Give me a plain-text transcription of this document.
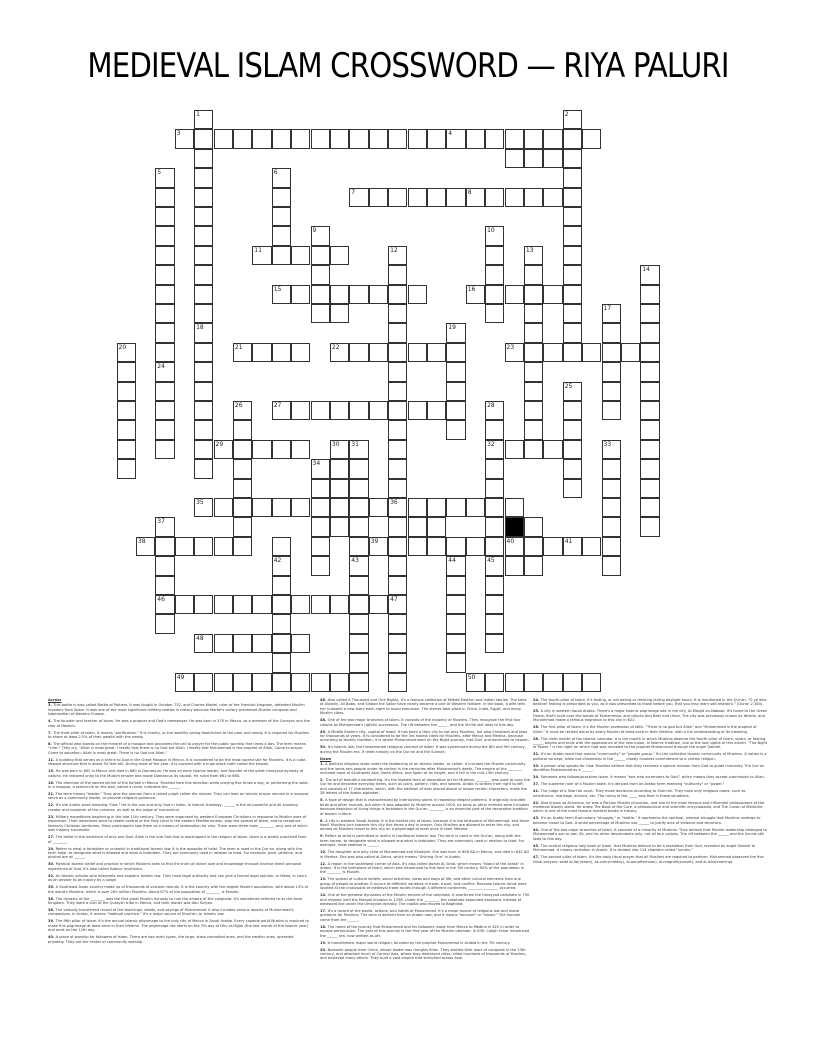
MEDIEVAL ISLAM CROSSWORD — RIYA PALURI
1
18
2
3	4
5	6
7	8
9	10
11	12
36
13
14
15	16
17
19
20	21	22	23
24
25
26	27	28
32
29	30 31	33
34
35
37
46
38	39	40	41
42	43	44	45
47
48
49	50
Across
3. This battle is also called Battle of Poitiers. It was fought in October 732, and Charles Martel, ruler of the Frankish kingdom, defeated Muslim invaders from Spain. It was one of the most significant military battles in history because Martel's victory prevented Muslim conquest and Islamization of Western Europe.
4. The founder and teacher of Islam. He was a prophet and God's messenger. He was born in 570 in Mecca, as a member of the Quraysh and the clan of Hashim.
7. The third pillar of Islam. It means "purification." It is charity, or the wealthy giving food/riches to the poor and needy. It is required for Muslims to share at least 2.5% of their wealth with the needy.
8. The official who stands on the minaret of a mosque and proclaims the call to prayer for the public worship five times a day. The term means "crier." They cry, "Allah is most great. I testify that there is no God but Allah. I testify that Muhammad is the prophet of Allah. Come to prayer. Come to salvation. Allah is most great. There is no God but Allah."
11. A building that serves as a shrine to God in the Great Mosque in Mecca. It is considered to be the most sacred site for Muslims. It is a cube-shaped structure that is about 50 feet tall. During most of the year, it is covered with a huge black cloth called the kiswah.
15. He was born in 602 in Mecca and died in 680 in Damascus. He was an early Islamic leader, and founder of the great Umayyad dynasty of caliphs. He restored unity to the Muslim empire and made Damascus its capital. He ruled from 661 to 680.
16. The direction of the sacred shrine of the Ka'bah in Mecca. Muslims face this direction while praying five times a day, or performing the salat. In a mosque, a semicircle on the wall, called a niche, indicates the ______.
21. The term means "leader." They give the sermon from a raised pulpit called the minbar. They can lead an Islamic prayer service in a mosque, serve as a community leader, or provide religious guidance.
22. It's the Arabic word meaning "God." He is the one and only God in Islam. In Islamic theology, ______ is the all-powerful and all-knowing creator and sustainer of the universe, as well as the judge of humankind.
23. Military expeditions beginning in the late 11th century. They were organized by western European Christians in response to Muslim wars of expansion. Their objectives were to retake control of the Holy Land in the eastern Mediterranean, stop the spread of Islam, and to recapture formerly Christian territories. Many participants saw them as a means of redemption for sins. There were three main ________, only one of which was majorly successful.
27. The belief in the existence of only one God. Allah is the one God that is worshipped in the religion of Islam. Islam is a widely practiced form of ________.
29. Refers to what is forbidden or unlawful in traditional Islamic law. It is the opposite of halal. The term is used in the Qur'an, along with the term halal, to designate what is allowed and what is forbidden. They are commonly used in relation to food. For example, pork, gelatine, and alcohol are all ______.
30. Mystical Islamic belief and practice in which Muslims seek to find the truth of divine love and knowledge through intense direct personal experience of God. It's also called Islamic mysticism.
32. An Islamic scholar who interprets and explains Islamic law. They have legal authority and can give a formal legal opinion, or fatwa, in court, as an answer to an inquiry by a judge.
35. A Southeast Asian country made up of thousands of volcanic islands. It is the country with the largest Muslim population, with about 13% of the world's Muslims, which is over 200 million Muslims. About 87% of the population of ________ is Muslim.
36. The dynasty of the ________ was the first great Muslim dynasty to rule the empire of the caliphate. It's sometimes referred to as the Arab Kingdom. They were a clan of the Quraysh tribe in Mecca, and their leader was Abu Sufyan.
38. The verbally transferred record of the teachings, deeds, and sayings of Muhammad. It also includes various reports of Muhammad's companions. In Arabic, it means "habitual practice." It's a major source of Shari'ah, or Islamic law.
39. The fifth pillar of Islam. It's the annual Islamic pilgrimage to the holy city of Mecca in Saudi Arabia. Every capable adult Muslim is required to make this pilgrimage at least once in their lifetime. The pilgrimage rite starts on the 7th day of Dhu al-Hijjah (the last month of the Islamic year) and ends on the 12th day.
40. A place of worship for followers of Islam. There are two main types, the large, state-controlled ones, and the smaller ones, operated privately. They are the center of community worship.
46. Also called A Thousand and One Nights, it's a famous collection of Middle Eastern and Indian stories. The tales of Aladdin, Ali Baba, and Sinbad the Sailor have nearly become a part of Western folklore. In the book, a wife tells her husband a new story each night to avoid execution. The stories take place in China, India, Egypt, and many Muslim cities.
48. One of the two major branches of Islam. It consists of the majority of Muslims. They recognize the first four caliphs as Muhammad's rightful successors. The rift between the ______ and the Shi'ite still lasts to this day.
49. A Middle Eastern city, capital of Israel. It has been a Holy city to not only Muslims, but also Christians and Jews for thousands of years. It is considered to be the 3rd holiest cities for Muslims, after Mecca and Medina, because according to Islamic tradition, it is where Muhammad went on the Night Journey, met God, and ascended to heaven.
50. It's Islamic law, the fundamental religious concept of Islam. It was systemized during the 8th and 9th century, during the Muslim era. It relies heavily on the Qur'an and the Sunnah.
Down
1. A political religious state under the leadership of an Islamic leader, or caliph. It includes the Muslim community and the lands and people under its control in the centuries after Muhammad's death. The empire of the ________ included most of Southwest Asia, North Africa, and Spain at its height, and it fell in the mid-13th century.
2. The art of beautiful handwriting. It's the highest form of decorative art for Muslims. ________ was used to copy the Qur'an and decorate everyday items, such as coins, pottery, tiles, and swords. Arabic is written from right to left, and consists of 17 characters, which, with the addition of dots placed above or below certain characters, make the 28 letters of the Arabic alphabet.
5. A type of design that is characterized by interlocking plants in repeating elegant patterns. It originally included birds and other animals, but when it was adopted by Muslims around 1000, no birds or other animals were included because depiction of living things is forbidden in the Qur'an. ________ is an essential part of the decorative tradition of Islamic culture.
6. A city in western Saudi Arabia. It is the holiest city of Islam, because it is the birthplace of Muhammad, and Islam itself. Muslims turn towards this city five times a day in prayer. Only Muslims are allowed to enter the city, and almost all Muslims travel to this city on a pilgrimage at least once in their lifetime.
9. Refers to what is permitted or lawful in traditional Islamic law. The term is used in the Qur'an, along with the term haram, to designate what is allowed and what is forbidden. They are commonly used in relation to food. For example, most seafood is ______.
10. The daughter and only child of Muhammad and Khadijah. She was born in 606 AD in Mecca, and died in 632 AD in Medina. She was also called al-Zahra, which means "Shining One" in Arabic.
12. A region in the southwest corner of Asia. It's also called Jazirat Al-'Arab, which means "Island of the Arabs" in Arabic. It is the birthplace of Islam, which was introduced to this land in the 7th century. 95% of the population in the ________ is Muslim.
13. The spread of cultural beliefs, social activities, ideas and ways of life, and other cultural elements from one group of people to another. It occurs at different varieties in trade, travel, and conflict. Because Islamic lands were located at the crossroads of medieval trade routes through 3 different continents, ________ ________ occurred.
14. One of the greatest dynasties of the Muslim empire of the caliphate. It overthrew the Umayyad caliphate in 750 and reigned until the Mongol invasion in 1258. Under the ________, the caliphate expanded eastward, instead of westward like under the Umayyad dynasty. The capital was moved to Baghdad.
17. It's a record of the words, actions, and habits of Muhammad. It's a major source of religious law and moral guidance for Muslims. The term is derived from an Arabic root, and it means "account" or "report." The Sunnah came from the ______.
18. The name of the journey that Muhammad and his followers made from Mecca to Medina in 622 in order to escape persecution. The year of this journey is the first year of the Muslim calendar. In 639, Caliph Umar introduced the ______ era, now written as AH.
19. A monotheistic major world religion, founded by the prophet Muhammad in Arabia in the 7th century.
20. Nomadic people from China, whose leader was Genghis Khan. They started their wars of conquest in the 13th century, and attacked much of Central Asia, where they destroyed cities, killed hundreds of thousands of Muslims, and enslaved many others. They built a vast empire that stretched across Asia.
24. The fourth pillar of Islam. It's fasting, or not eating or drinking during daylight hours. It is mentioned in the Qur'an. "O ye who believe! Fasting is prescribed to you, as it was prescribed to those before you, that you may learn self-restraint." (Quran 2:183)
25. A city in western Saudi Arabia. There's a major Islamic pilgrimage site in the city, Al-Masjid an-Nabawi. It's home to the Green Dome, that's built over the tombs of Muhammad, and caliphs Abu Bakr and Umar. The city was previously known as Yathrib, and Muhammad made a famous migration to this city in 622.
26. The first pillar of Islam. It's the Muslim profession of faith. "There is no god but Allah" and "Muhammad is the prophet of Allah." It must be recited aloud by every Muslim at least once in their lifetime, with a full understanding of its meaning.
28. The ninth month of the Islamic calendar. It is the month in which Muslims observe the fourth pillar of Islam, siyam, or fasting. ______ begins and ends with the appearance of the new moon. In Islamic tradition, one of the last nights of this month, "The Night of Power," is the night on which God was revealed to the prophet Muhammad through the angel Gabriel.
31. It's an Arabic word that means "community" or "people group." It's the collective Islamic community of Muslims. A nation is a political concept, while but citizenship in the ______ mostly involves commitment to a certain religion.
33. A person who speaks for God. Muslims believe that they received a special mission from God to guide humanity. The Qur'an identifies Muhammad as a ______.
34. Someone who follows/practices Islam. It means "one who surrenders to God," which means they accept submission to Allah.
37. The supreme ruler of a Muslim state. It's derived from an Arabic term meaning "authority" or "power."
41. The judge of a Shari'ah court. They make decisions according to Shari'ah. They have only religious cases, such as inheritance, marriage, divorce, etc. The ruling of the _____ was final in these situations.
42. Also known as Avicenna, he was a Persian Muslim physician, and one of the most famous and influential philosophers of the medieval Islamic world. He wrote The Book of the Cure, a philosophical and scientific encyclopedia, and The Canon of Medicine, which is one of the most famous medical books in history.
43. It's an Arabic term that means "struggle," or "battle." It represents the spiritual, internal struggle that Muslims undergo to become closer to God. A small percentage of Muslims use ______ to justify acts of violence and terrorism.
44. One of the two major branches of Islam. It consists of a minority of Muslims. They believe that Muslim leadership belonged to Muhammad's son-in-law, Ali, and his other descendants only, not all four caliphs. The rift between the ______ and the Sunnis still lasts to this day.
45. The central religious holy book of Islam, that Muslims believe to be a revelation from God, revealed by angel Gabriel to Muhammad. It means recitation in Arabic. It is divided into 114 chapters called "surahs."
47. The second pillar of Islam. It's the daily ritual prayer that all Muslims are required to perform. Muhammad observed the five ritual prayers: salat al-fajr(dawn), az-zuhr(midday), al-asr(afternoon), al-maghrib(sunset), and al-isha(evening).
